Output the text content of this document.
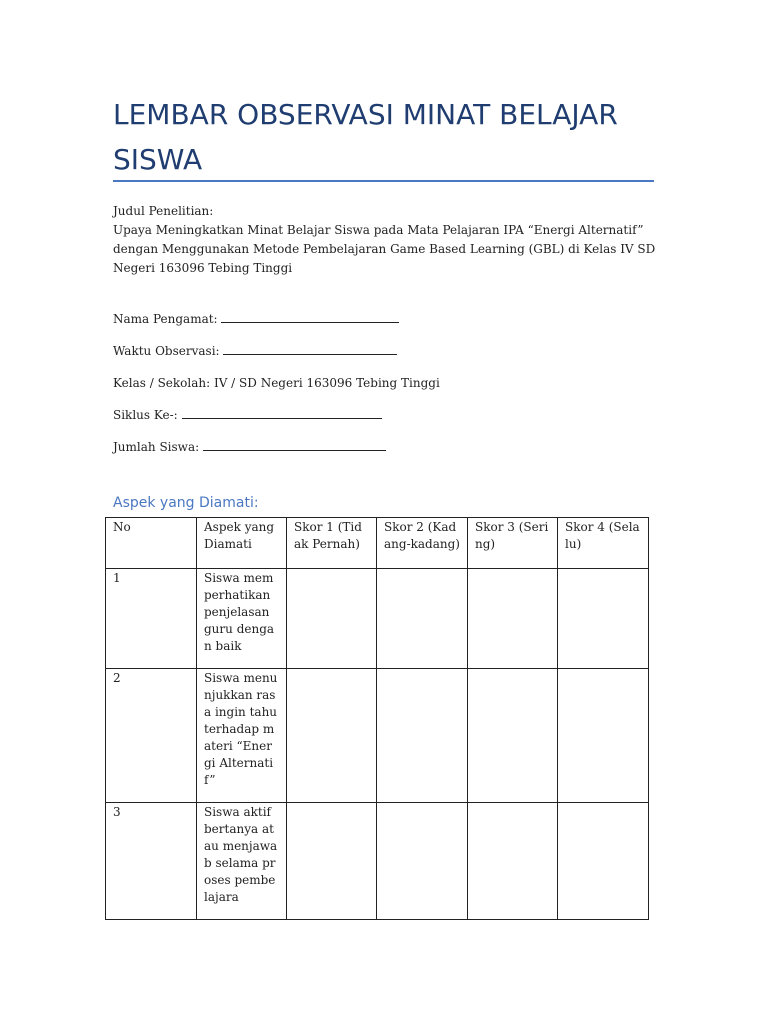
LEMBAR OBSERVASI MINAT BELAJAR SISWA

Judul Penelitian:

Upaya Meningkatkan Minat Belajar Siswa pada Mata Pelajaran IPA “Energi Alternatif” dengan Menggunakan Metode Pembelajaran Game Based Learning (GBL) di Kelas IV SD Negeri 163096 Tebing Tinggi

Nama Pengamat:
Waktu Observasi:
Kelas / Sekolah: IV / SD Negeri 163096 Tebing Tinggi
Siklus Ke-:
Jumlah Siswa:
Aspek yang Diamati:
No	Aspek yang Diamati	Skor 1 (Tidak Pernah)	Skor 2 (Kadang-kadang)	Skor 3 (Sering)	Skor 4 (Selalu)
1	Siswa memperhatikan penjelasan guru dengan baik				
2	Siswa menunjukkan rasa ingin tahu terhadap materi “Energi Alternatif”				
3	Siswa aktif bertanya atau menjawab selama proses pembelajara				
